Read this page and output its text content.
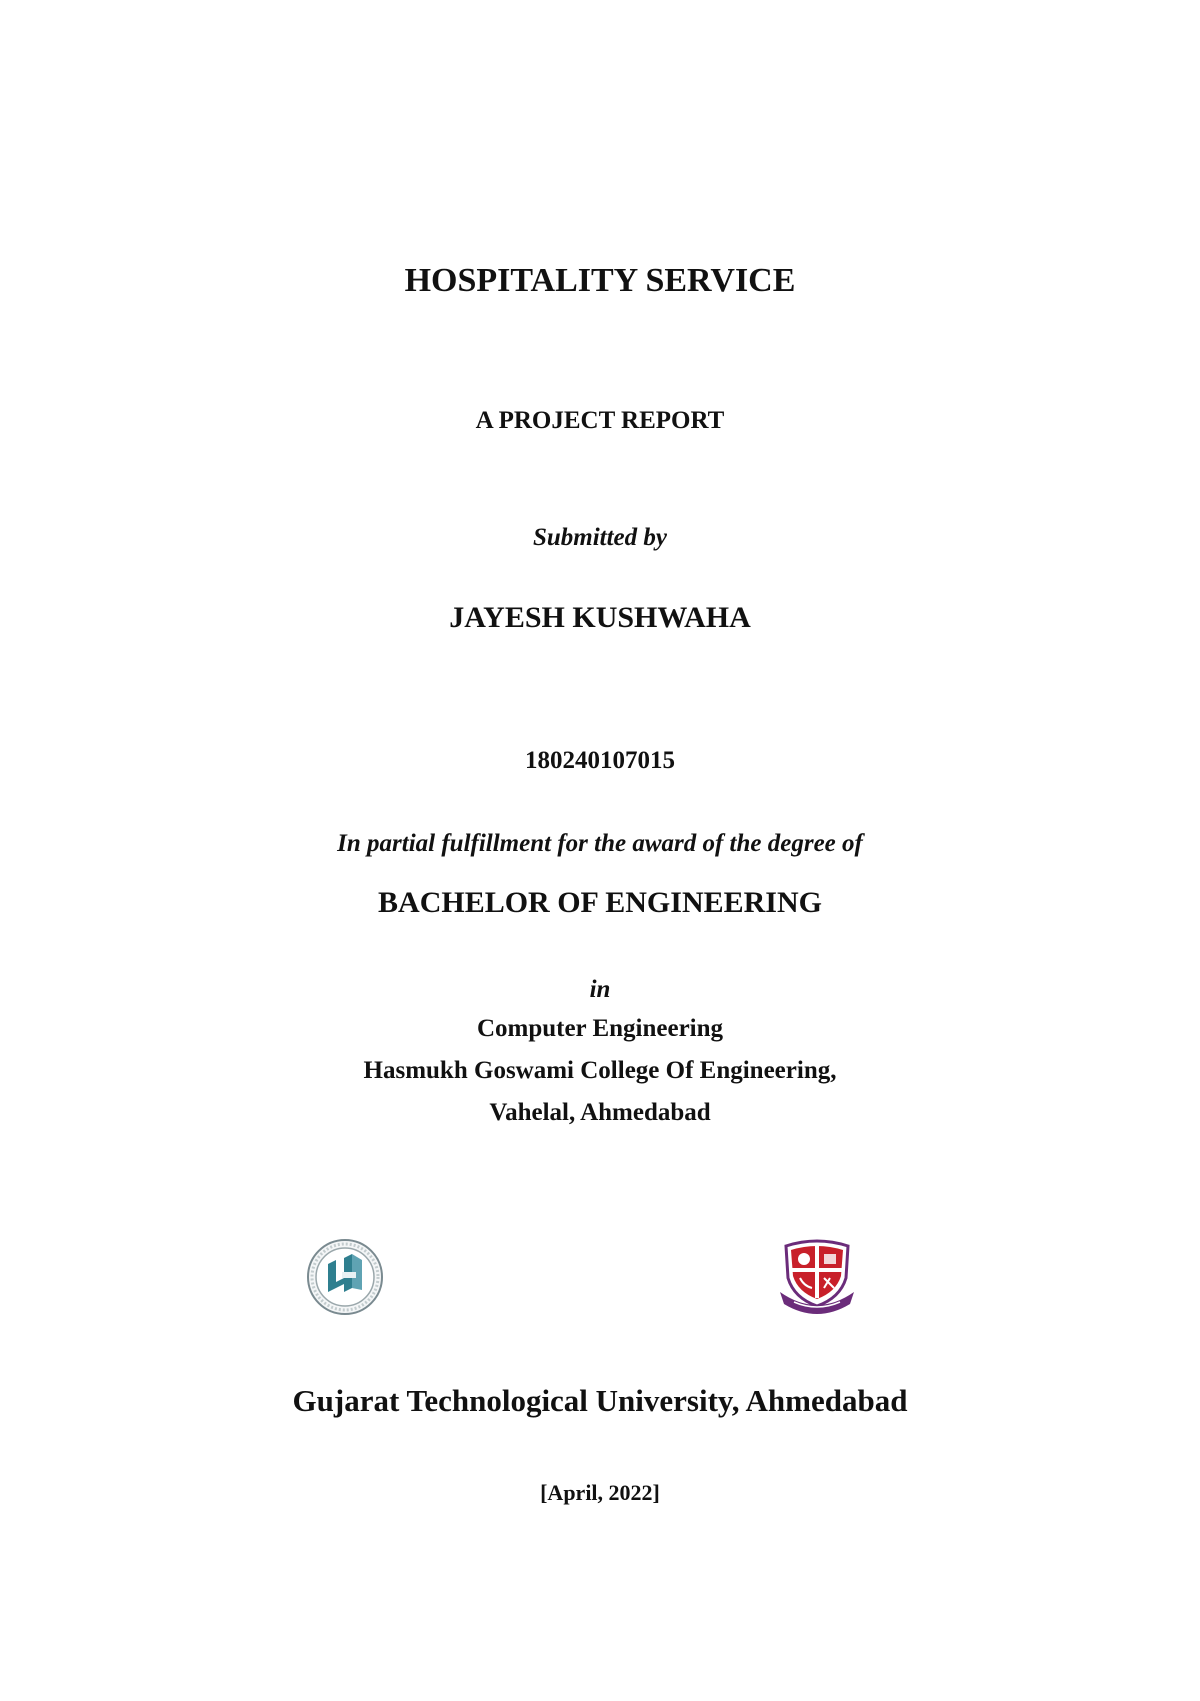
HOSPITALITY SERVICE
A PROJECT REPORT
Submitted by
JAYESH KUSHWAHA
180240107015
In partial fulfillment for the award of the degree of
BACHELOR OF ENGINEERING
in
Computer Engineering
Hasmukh Goswami College Of Engineering,
Vahelal, Ahmedabad
Gujarat Technological University, Ahmedabad
[April, 2022]
